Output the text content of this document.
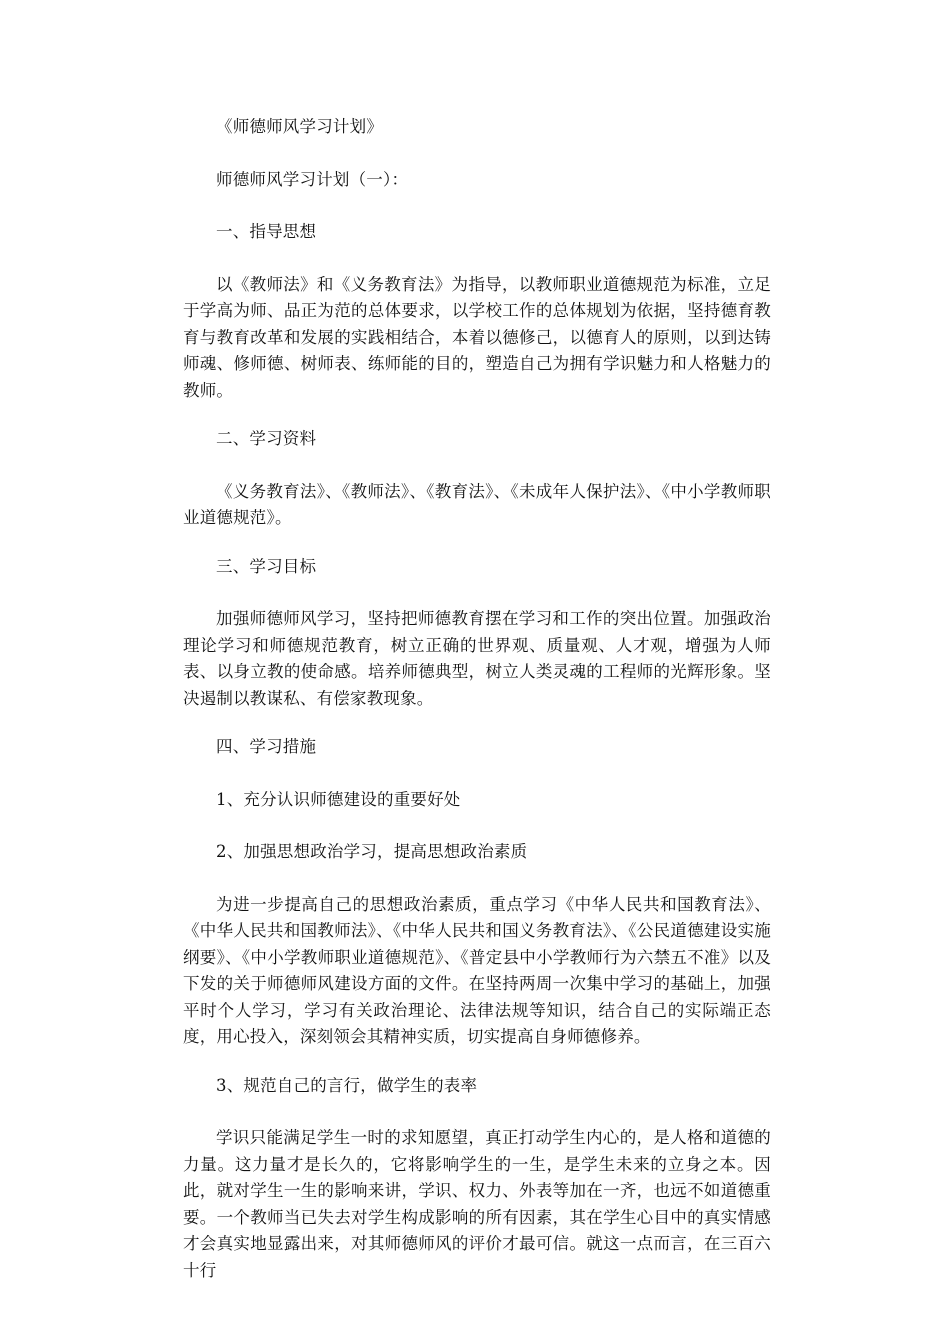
《师德师风学习计划》

师德师风学习计划（一）：

一、指导思想

以《教师法》和《义务教育法》为指导，以教师职业道德规范为标准，立足于学高为师、品正为范的总体要求，以学校工作的总体规划为依据，坚持德育教育与教育改革和发展的实践相结合，本着以德修己，以德育人的原则，以到达铸师魂、修师德、树师表、练师能的目的，塑造自己为拥有学识魅力和人格魅力的教师。

二、学习资料

《义务教育法》、《教师法》、《教育法》、《未成年人保护法》、《中小学教师职业道德规范》。

三、学习目标

加强师德师风学习，坚持把师德教育摆在学习和工作的突出位置。加强政治理论学习和师德规范教育，树立正确的世界观、质量观、人才观，增强为人师表、以身立教的使命感。培养师德典型，树立人类灵魂的工程师的光辉形象。坚决遏制以教谋私、有偿家教现象。

四、学习措施

1、充分认识师德建设的重要好处

2、加强思想政治学习，提高思想政治素质

为进一步提高自己的思想政治素质，重点学习《中华人民共和国教育法》、《中华人民共和国教师法》、《中华人民共和国义务教育法》、《公民道德建设实施纲要》、《中小学教师职业道德规范》、《普定县中小学教师行为六禁五不准》以及下发的关于师德师风建设方面的文件。在坚持两周一次集中学习的基础上，加强平时个人学习，学习有关政治理论、法律法规等知识，结合自己的实际端正态度，用心投入，深刻领会其精神实质，切实提高自身师德修养。

3、规范自己的言行，做学生的表率

学识只能满足学生一时的求知愿望，真正打动学生内心的，是人格和道德的力量。这力量才是长久的，它将影响学生的一生，是学生未来的立身之本。因此，就对学生一生的影响来讲，学识、权力、外表等加在一齐，也远不如道德重要。一个教师当已失去对学生构成影响的所有因素，其在学生心目中的真实情感才会真实地显露出来，对其师德师风的评价才最可信。就这一点而言，在三百六十行
